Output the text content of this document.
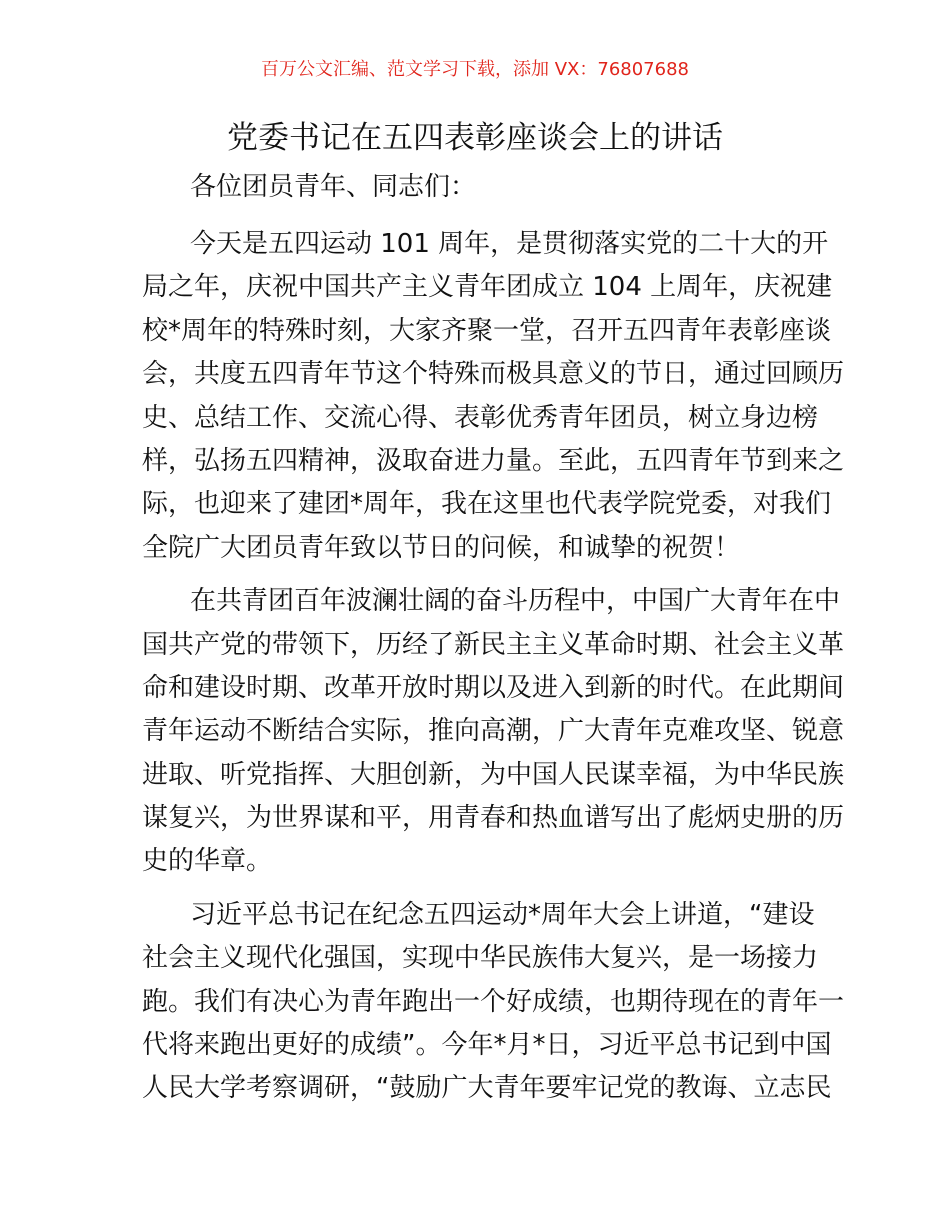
百万公文汇编、范文学习下载，添加 VX：76807688
党委书记在五四表彰座谈会上的讲话
各位团员青年、同志们：
今天是五四运动 101 周年，是贯彻落实党的二十大的开
局之年，庆祝中国共产主义青年团成立 104 上周年，庆祝建
校*周年的特殊时刻，大家齐聚一堂，召开五四青年表彰座谈
会，共度五四青年节这个特殊而极具意义的节日，通过回顾历
史、总结工作、交流心得、表彰优秀青年团员，树立身边榜
样，弘扬五四精神，汲取奋进力量。至此，五四青年节到来之
际，也迎来了建团*周年，我在这里也代表学院党委，对我们
全院广大团员青年致以节日的问候，和诚挚的祝贺！
在共青团百年波澜壮阔的奋斗历程中，中国广大青年在中
国共产党的带领下，历经了新民主主义革命时期、社会主义革
命和建设时期、改革开放时期以及进入到新的时代。在此期间
青年运动不断结合实际，推向高潮，广大青年克难攻坚、锐意
进取、听党指挥、大胆创新，为中国人民谋幸福，为中华民族
谋复兴，为世界谋和平，用青春和热血谱写出了彪炳史册的历
史的华章。
习近平总书记在纪念五四运动*周年大会上讲道，“建设
社会主义现代化强国，实现中华民族伟大复兴，是一场接力
跑。我们有决心为青年跑出一个好成绩，也期待现在的青年一
代将来跑出更好的成绩”。今年*月*日，习近平总书记到中国
人民大学考察调研，“鼓励广大青年要牢记党的教诲、立志民
